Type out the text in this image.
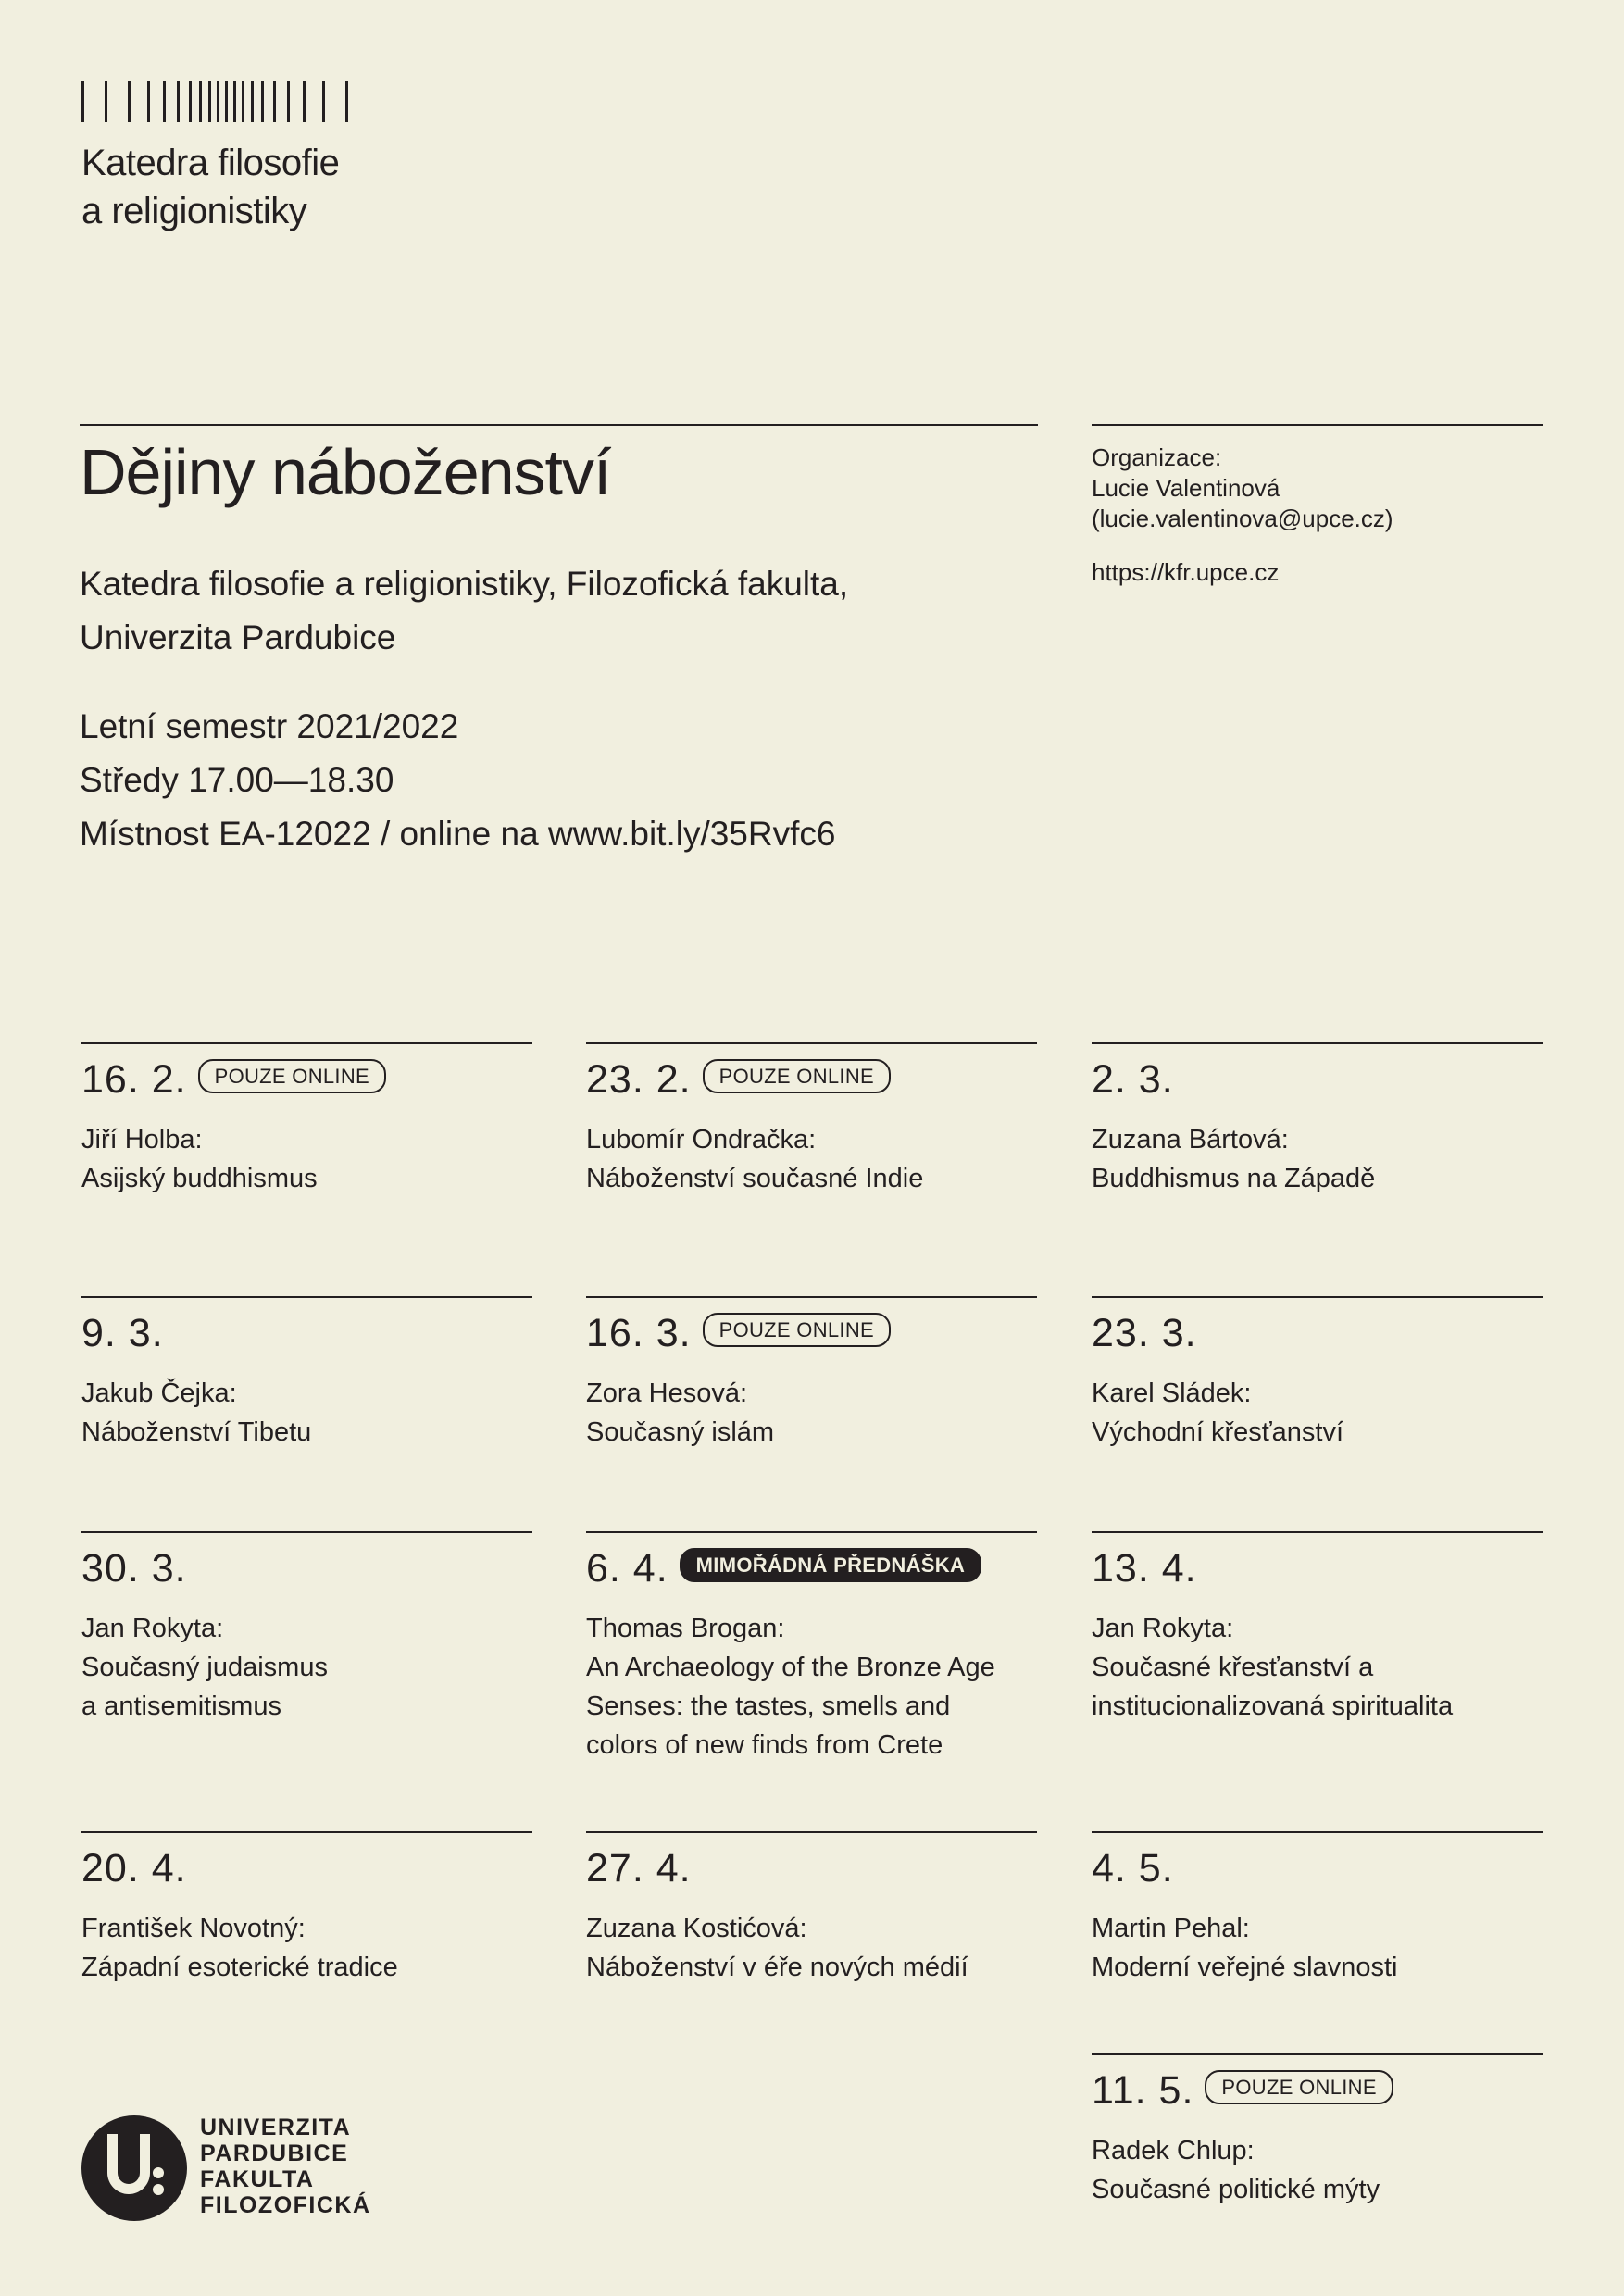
Katedra filosofie
a religionistiky
Dějiny náboženství
Katedra filosofie a religionistiky, Filozofická fakulta,
Univerzita Pardubice
Letní semestr 2021/2022
Středy 17.00—18.30
Místnost EA-12022 / online na www.bit.ly/35Rvfc6
Organizace:
Lucie Valentinová
(lucie.valentinova@upce.cz)
https://kfr.upce.cz
16. 2.	POUZE ONLINE
Jiří Holba:
Asijský buddhismus
23. 2.	POUZE ONLINE
Lubomír Ondračka:
Náboženství současné Indie
2. 3.
Zuzana Bártová:
Buddhismus na Západě
9. 3.
Jakub Čejka:
Náboženství Tibetu
16. 3.	POUZE ONLINE
Zora Hesová:
Současný islám
23. 3.
Karel Sládek:
Východní křesťanství
30. 3.
Jan Rokyta:
Současný judaismus
a antisemitismus
6. 4.	MIMOŘÁDNÁ PŘEDNÁŠKA
Thomas Brogan:
An Archaeology of the Bronze Age
Senses: the tastes, smells and
colors of new finds from Crete
13. 4.
Jan Rokyta:
Současné křesťanství a
institucionalizovaná spiritualita
20. 4.
František Novotný:
Západní esoterické tradice
27. 4.
Zuzana Kostićová:
Náboženství v éře nových médií
4. 5.
Martin Pehal:
Moderní veřejné slavnosti
11. 5.	POUZE ONLINE
Radek Chlup:
Současné politické mýty
UNIVERZITA
PARDUBICE
FAKULTA
FILOZOFICKÁ
